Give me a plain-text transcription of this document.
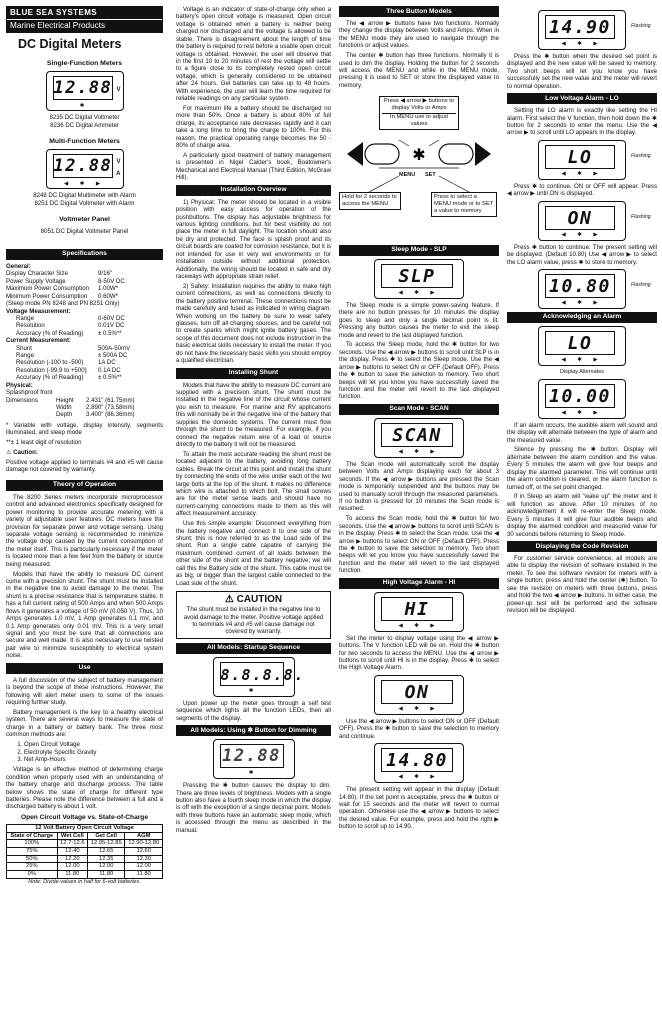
BLUE SEA SYSTEMS
Marine Electrical Products
DC Digital Meters
Single-Function Meters
12.88 V
✱
8235 DC Digital Voltmeter
8236 DC Digital Ammeter
Multi-Function Meters
12.88 V
A
◀ ✱ ▶
8248 DC Digital Multimeter with Alarm
8251 DC Digital Voltmeter with Alarm
Voltmeter Panel
8051 DC Digital Voltmeter Panel
Specifications
General:
Display Character Size	9/16"
Power Supply Voltage	8-50V DC
Maximum Power Consumption	1.00W*
Minimum Power Consumption	0.60W*
(Sleep mode PN 8248 and PN 8251 Only)
Voltage Measurement:
Range	0-60V DC
Resolution	0.01V DC
Accuracy (% of Reading)	± 0.5%**
Current Measurement:
Shunt	500A-50mV
Range	± 500A DC
Resolution (-100 to -500)	1A DC
Resolution (-99.9 to +500)	0.1A DC
Accuracy (% of Reading)	± 0.5%**
Physical:
Splashproof front
Dimensions	Height	2.431" (61.75mm)
Width	2.890" (73.58mm)
Depth	3.400" (86.36mm)

* Variable with voltage, display intensity, segments illuminated, and sleep mode

**± 1 least digit of resolution

⚠ Caution:

Positive voltage applied to terminals #4 and #5 will cause damage not covered by warranty.

Theory of Operation

The 8200 Series meters incorporate microprocessor control and advanced electronics specifically designed for power monitoring to provide accurate metering with a variety of adjustable user features. DC meters have the provision for separate power and voltage sensing. Using separate voltage sensing is recommended to minimize the voltage drop caused by the current consumption of the meter itself. This is particularly necessary if the meter is located more than a few feet from the battery or source being measured.

Models that have the ability to measure DC current come with a precision shunt. The shunt must be installed in the negative line to avoid damage to the meter. The shunt is a precise resistance that is temperature stable. It has a full current rating of 500 Amps and when 500 Amps flows it generates a voltage of 50 mV (0.050 V). Thus, 10 Amps generates 1.0 mV, 1 Amp generates 0.1 mV, and 0.1 Amp generates only 0.01 mV. This is a very small signal and you must be sure that all connections are secure and well made. It is also necessary to use twisted pair wire to minimize susceptibility to electrical system noise.

Use

A full discussion of the subject of battery management is beyond the scope of these instructions. However, the following will alert meter users to some of the issues requiring further study.

Battery management is the key to a healthy electrical system. There are several ways to measure the state of charge in a battery or battery bank. The three most common methods are:

1. Open Circuit Voltage
2. Electrolyte Specific Gravity
3. Net Amp-Hours

Voltage is an effective method of determining charge condition when properly used with an understanding of the battery charge and discharge process. The table below shows the state of charge for different type batteries. Please note the difference between a full and a discharged battery is about 1 volt.

Open Circuit Voltage vs. State-of-Charge
12 Volt Battery Open Circuit Voltage			
State of Charge	Wet Cell	Gel Cell	AGM
100%	12.7-12.6	12.95-12.85	12.90-12.80
75%	12.40	12.65	12.60
50%	12.20	12.35	12.30
25%	12.00	12.00	12.00
0%	11.80	11.80	11.80
Note: Divide values in half for 6-volt batteries.

Voltage is an indicator of state-of-charge only when a battery's open circuit voltage is measured. Open circuit voltage is obtained when a battery is neither being charged nor discharged and the voltage is allowed to be stable. There is disagreement about the length of time the battery is required to rest before a usable open circuit voltage is obtained. However, the user will observe that in the first 10 to 20 minutes of rest the voltage will settle to a figure close to its completely rested open circuit voltage, which is generally considered to be obtained after 24 hours. Gel batteries can take up to 48 hours. With experience, the user will learn the time required for reliable readings on any particular system.

For maximum life a battery should be discharged no more than 50%. Once a battery is about 80% of full charge, its acceptance rate decreases rapidly and it can take a long time to bring the charge to 100%. For this reason, the practical operating range becomes the 50 - 80% of charge area.

A particularly good treatment of battery management is presented in Nigel Calder's book, Boatowner's Mechanical and Electrical Manual (Third Edition, McGraw Hill).

Installation Overview

1) Physical: The meter should be located in a visible position with easy access for operation of the pushbuttons. The display has adjustable brightness for various lighting conditions, but for best visibility do not place the meter in full daylight. The location should also be dry and protected. The face is splash proof and its circuit boards are coated for corrosion resistance, but it is not intended for use in very wet environments or for installation outside without additional protection. Additionally, the wiring should be located in safe and dry raceways with appropriate strain relief.

2) Safety: Installation requires the ability to make high current connections, as well as connections directly to the battery positive terminal. These connections must be made carefully and fused as indicated in wiring diagram. When working on the battery be sure to wear safety glasses, turn off all charging sources, and be careful not to create sparks which might ignite battery gases. The scope of this document does not include instruction in the basic electrical skills necessary to install the meter. If you do not have the necessary basic skills you should employ a qualified electrician.

Installing Shunt

Models that have the ability to measure DC current are supplied with a precision shunt. The shunt must be installed in the negative line of the circuit whose current you wish to measure. For marine and RV applications this will normally be in the negative line of the battery that supplies the domestic systems. The current must flow through the shunt to be measured. For example, if you connect the negative return wire of a load or source directly to the battery it will not be measured.

To attain the most accurate reading the shunt must be located adjacent to the battery, avoiding long battery cables. Break the circuit at this point and install the shunt by connecting the ends of the wire under each of the two large bolts at the top of the shunt. It makes no difference which wire is attached to which bolt. The small screws are for the meter sense leads and should have no current-carrying connections made to them as this will affect measurement accuracy.

Use this simple example: Disconnect everything from the battery negative and connect it to one side of the shunt; this is now referred to as the Load side of the shunt. Run a single cable capable of carrying the maximum combined current of all loads between the other side of the shunt and the battery negative; we will call this the Battery side of the shunt. This cable must be as big, or bigger than the largest cable connected to the Load side of the shunt.

⚠ CAUTION
The shunt must be installed in the negative line to avoid damage to the meter. Positive voltage applied to terminals #4 and #5 will cause damage not covered by warranty.
All Models: Startup Sequence
8.8.8.8.
✱

Upon power up the meter goes through a self test sequence which lights all the function LEDs, then all segments of the display.

All Models: Using ✱ Button for Dimming
12.88
✱

Pressing the ✱ button causes the display to dim. There are three levels of brightness. Models with a single button also have a fourth sleep mode in which the display is off with the exception of a single decimal point. Models with three buttons have an automatic sleep mode, which is accessed through the menu as described in the manual.

Three Button Models

The ◀ arrow ▶ buttons have two functions. Normally they change the display between Volts and Amps. When in the MENU mode they are used to navigate through the functions or adjust values.

The center ✱ button has three functions. Normally it is used to dim the display. Holding the button for 2 seconds will access the MENU and while in the MENU mode, pressing it is used to SET or store the displayed value to memory.

Press ◀ arrow ▶ buttons to display Volts or Amps
In MENU use to adjust values
✱
MENU SET
Hold for 2 seconds to access the MENU
Press to select a MENU mode or to SET a value to memory
Sleep Mode - SLP
SLP
◀ ✱ ▶

The Sleep mode is a simple power-saving feature. If there are no button presses for 10 minutes the display goes to sleep and only a single decimal point is lit. Pressing any button causes the meter to exit the sleep mode and revert to the last displayed function.

To access the Sleep mode, hold the ✱ button for two seconds. Use the ◀ arrow ▶ buttons to scroll until SLP is in the display. Press ✱ to select the Sleep mode. Use the ◀ arrow ▶ buttons to select ON or OFF (Default OFF). Press the ✱ button to save the selection to memory. Two short beeps will let you know you have successfully saved the function and the meter will revert to the last displayed function.

Scan Mode - SCAN
SCAN
◀ ✱ ▶

The Scan mode will automatically scroll the display between Volts and Amps displaying each for about 3 seconds. If the ◀ arrow ▶ buttons are pressed the Scan mode is temporarily suspended and the buttons may be used to manually scroll through the measured parameters. If no button is pressed for 10 minutes the Scan mode is resumed.

To access the Scan mode, hold the ✱ button for two seconds. Use the ◀ arrow ▶ buttons to scroll until SCAN is in the display. Press ✱ to select the Scan mode. Use the ◀ arrow ▶ buttons to select ON or OFF (Default OFF). Press the ✱ button to save the selection to memory. Two short beeps will let you know you have successfully saved the function and the meter will revert to the last displayed function.

High Voltage Alarm - HI
HI
◀ ✱ ▶

Set the meter to display voltage using the ◀ arrow ▶ buttons. The V function LED will be on. Hold the ✱ button for two seconds to access the MENU. Use the ◀ arrow ▶ buttons to scroll until HI is in the display. Press ✱ to select the High Voltage Alarm.

ON
◀ ✱ ▶

Use the ◀ arrow ▶ buttons to select ON or OFF (Default OFF). Press the ✱ button to save the selection to memory and continue.

14.80
◀ ✱ ▶

The present setting will appear in the display (Default 14.80). If the set point is acceptable, press the ✱ button or wait for 15 seconds and the meter will revert to normal operation. Otherwise use the ◀ arrow ▶ buttons to select the desired value. For example, press and hold the right ▶ button to scroll up to 14.90.

14.90
◀ ✱ ▶
Flashing

Press the ✱ button when the desired set point is displayed and the new value will be saved to memory. Two short beeps will let you know you have successfully set the new value and the meter will revert to normal operation.

Low Voltage Alarm - LO

Setting the LO alarm is exactly like setting the HI alarm. First select the V function, then hold down the ✱ button for 2 seconds to enter the menu. Use the ◀ arrow ▶ to scroll until LO appears in the display.

LO
◀ ✱ ▶
Flashing

Press ✱ to continue. ON or OFF will appear. Press ◀ arrow ▶ until ON is displayed.

ON
◀ ✱ ▶
Flashing

Press ✱ button to continue. The present setting will be displayed. (Default 10.80) Use ◀ arrow ▶ to select the LO alarm value, press ✱ to store to memory.

10.80
◀ ✱ ▶
Flashing
Acknowledging an Alarm
LO
◀ ✱ ▶
Display Alternates
10.00
◀ ✱ ▶

If an alarm occurs, the audible alarm will sound and the display will alternate between the type of alarm and the measured value.

Silence by pressing the ✱ button. Display will alternate between the alarm condition and the value. Every 5 minutes the alarm will give four beeps and display the alarmed parameter. This will continue until the alarm condition is cleared, or the alarm function is turned off, or the set point changed.

If in Sleep an alarm will "wake up" the meter and it will function as above. After 10 minutes of no acknowledgement it will re-enter the Sleep mode. Every 5 minutes it will give four audible beeps and display the alarmed condition and measured value for 30 seconds before returning to Sleep mode.

Displaying the Code Revision

For customer service convenience, all models are able to display the revision of software installed in the meter. To see the software revision for meters with a single button, press and hold the center (✱) button. To see the revision on meters with three buttons, press and hold the two ◀ arrow ▶ buttons. In either case, the power-up test will be performed and the software revision will be displayed.
